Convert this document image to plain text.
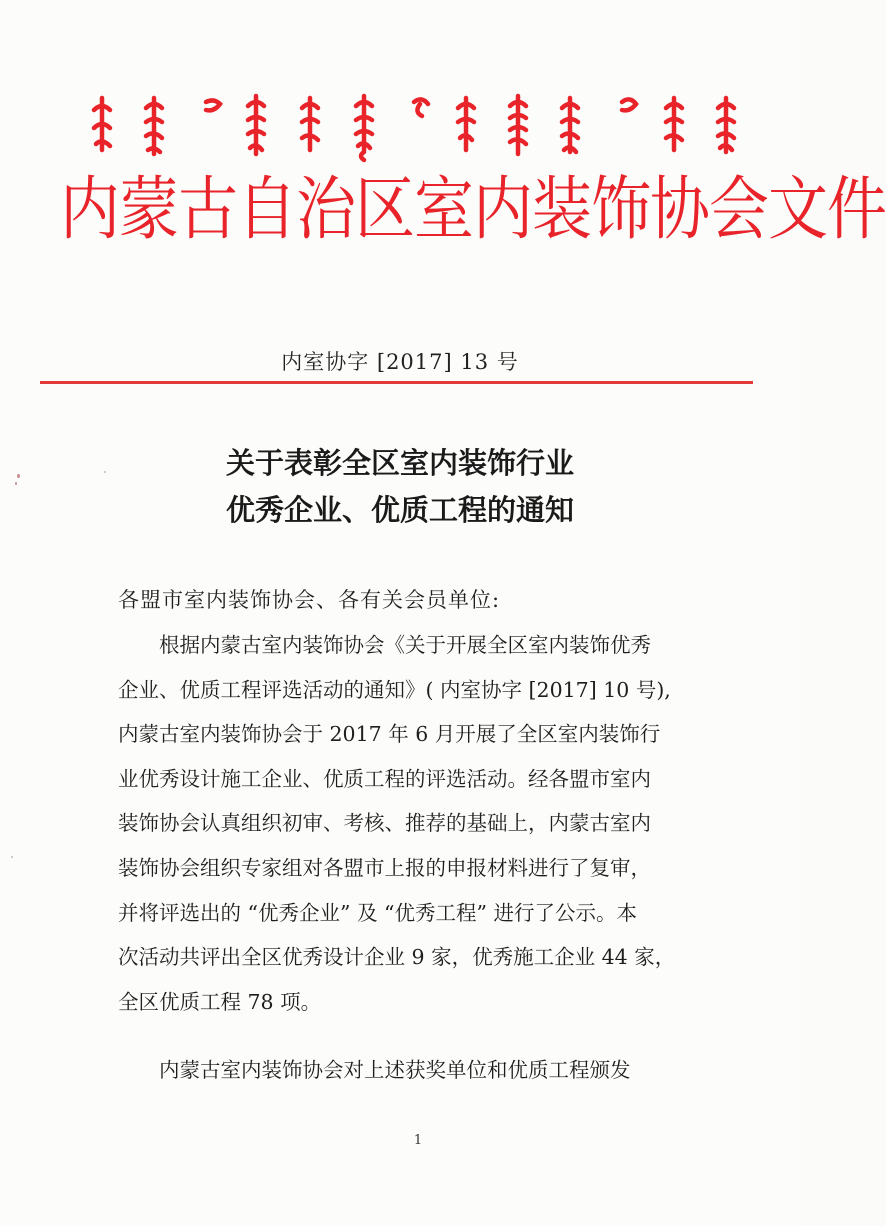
内蒙古自治区室内装饰协会文件

内室协字 [2017] 13 号

关于表彰全区室内装饰行业
优秀企业、优质工程的通知

各盟市室内装饰协会、各有关会员单位:

根据内蒙古室内装饰协会《关于开展全区室内装饰优秀
企业、优质工程评选活动的通知》( 内室协字 [2017] 10 号),
内蒙古室内装饰协会于 2017 年 6 月开展了全区室内装饰行
业优秀设计施工企业、优质工程的评选活动。经各盟市室内
装饰协会认真组织初审、考核、推荐的基础上，内蒙古室内
装饰协会组织专家组对各盟市上报的申报材料进行了复审，
并将评选出的 “优秀企业” 及 “优秀工程” 进行了公示。本
次活动共评出全区优秀设计企业 9 家，优秀施工企业 44 家，
全区优质工程 78 项。

内蒙古室内装饰协会对上述获奖单位和优质工程颁发

1
